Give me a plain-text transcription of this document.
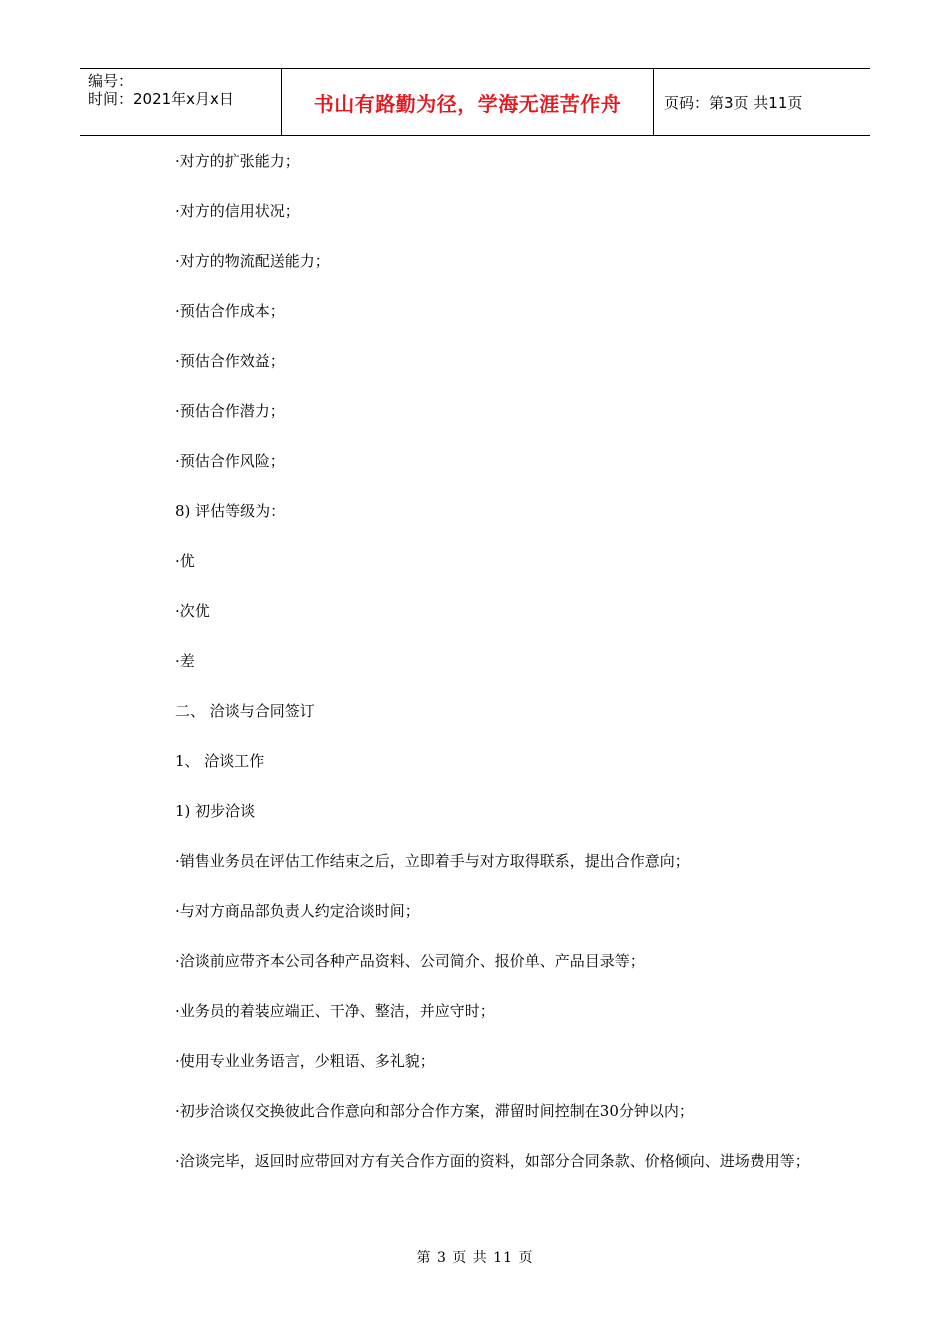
编号：
时间：2021年x月x日	书山有路勤为径，学海无涯苦作舟	页码：第3页 共11页

·对方的扩张能力；

·对方的信用状况；

·对方的物流配送能力；

·预估合作成本；

·预估合作效益；

·预估合作潜力；

·预估合作风险；

8) 评估等级为：

·优

·次优

·差

二、 洽谈与合同签订

1、 洽谈工作

1) 初步洽谈

·销售业务员在评估工作结束之后，立即着手与对方取得联系，提出合作意向；

·与对方商品部负责人约定洽谈时间；

·洽谈前应带齐本公司各种产品资料、公司简介、报价单、产品目录等；

·业务员的着装应端正、干净、整洁，并应守时；

·使用专业业务语言，少粗语、多礼貌；

·初步洽谈仅交换彼此合作意向和部分合作方案，滞留时间控制在30分钟以内；

·洽谈完毕，返回时应带回对方有关合作方面的资料，如部分合同条款、价格倾向、进场费用等；

第 3 页 共 11 页
